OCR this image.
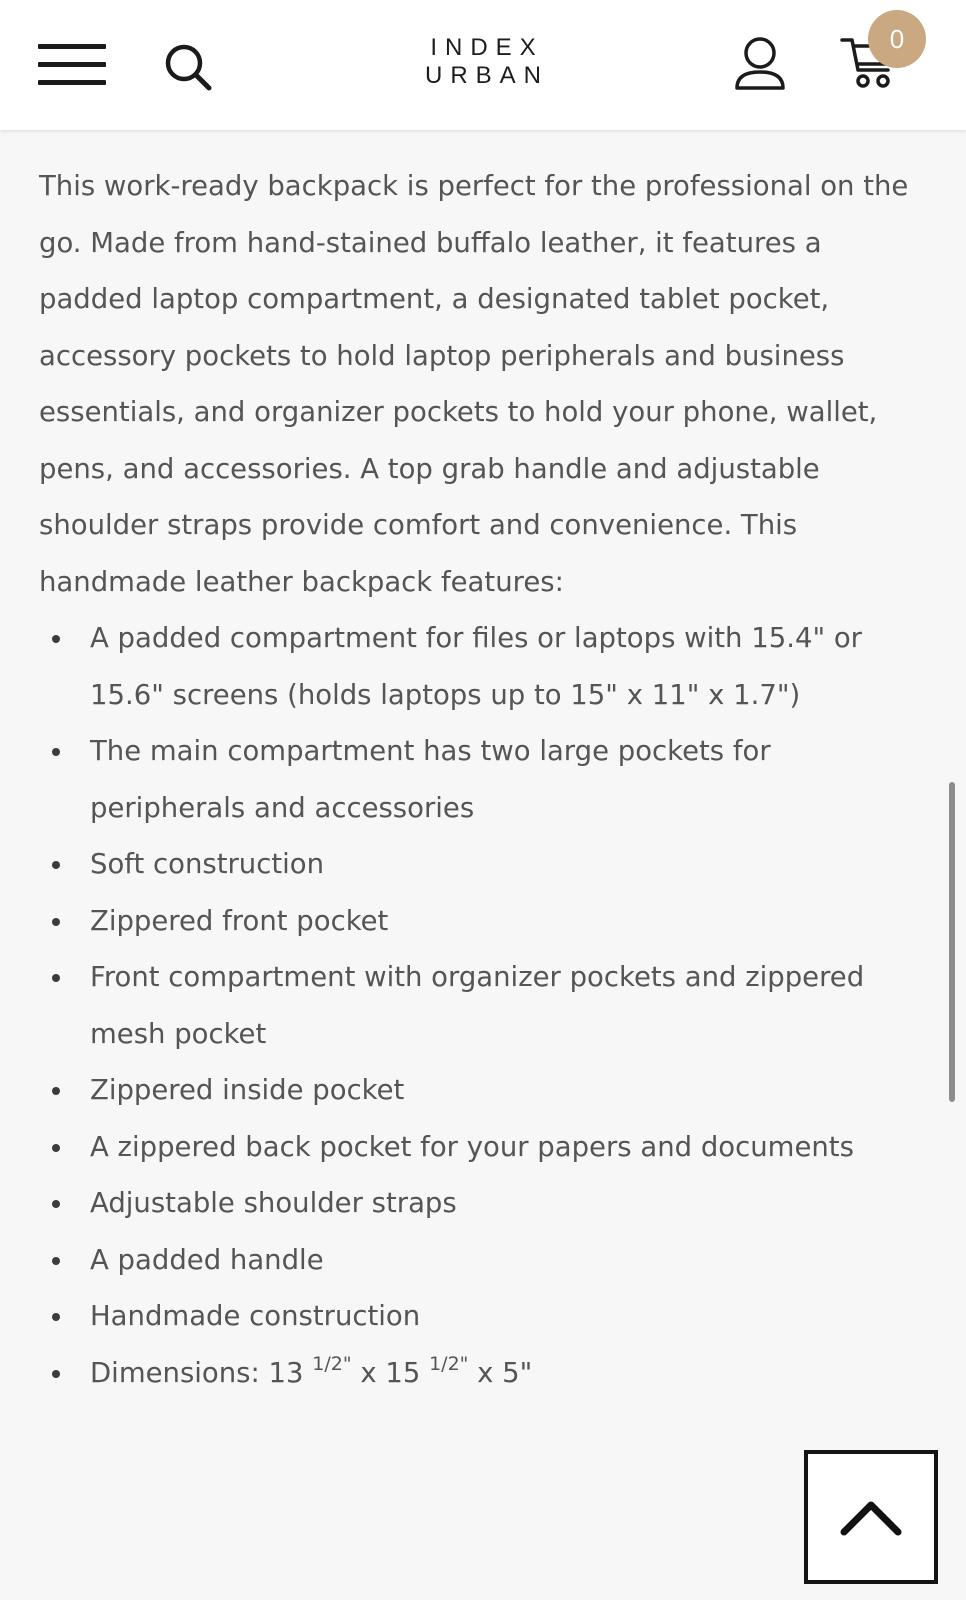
INDEX
URBAN
0

This work-ready backpack is perfect for the professional on the go. Made from hand-stained buffalo leather, it features a padded laptop compartment, a designated tablet pocket, accessory pockets to hold laptop peripherals and business essentials, and organizer pockets to hold your phone, wallet, pens, and accessories. A top grab handle and adjustable shoulder straps provide comfort and convenience. This handmade leather backpack features:

A padded compartment for files or laptops with 15.4" or 15.6" screens (holds laptops up to 15" x 11" x 1.7")
The main compartment has two large pockets for peripherals and accessories
Soft construction
Zippered front pocket
Front compartment with organizer pockets and zippered mesh pocket
Zippered inside pocket
A zippered back pocket for your papers and documents
Adjustable shoulder straps
A padded handle
Handmade construction
Dimensions: 13 $^{1/2"}$ x 15 $^{1/2"}$ x 5"
